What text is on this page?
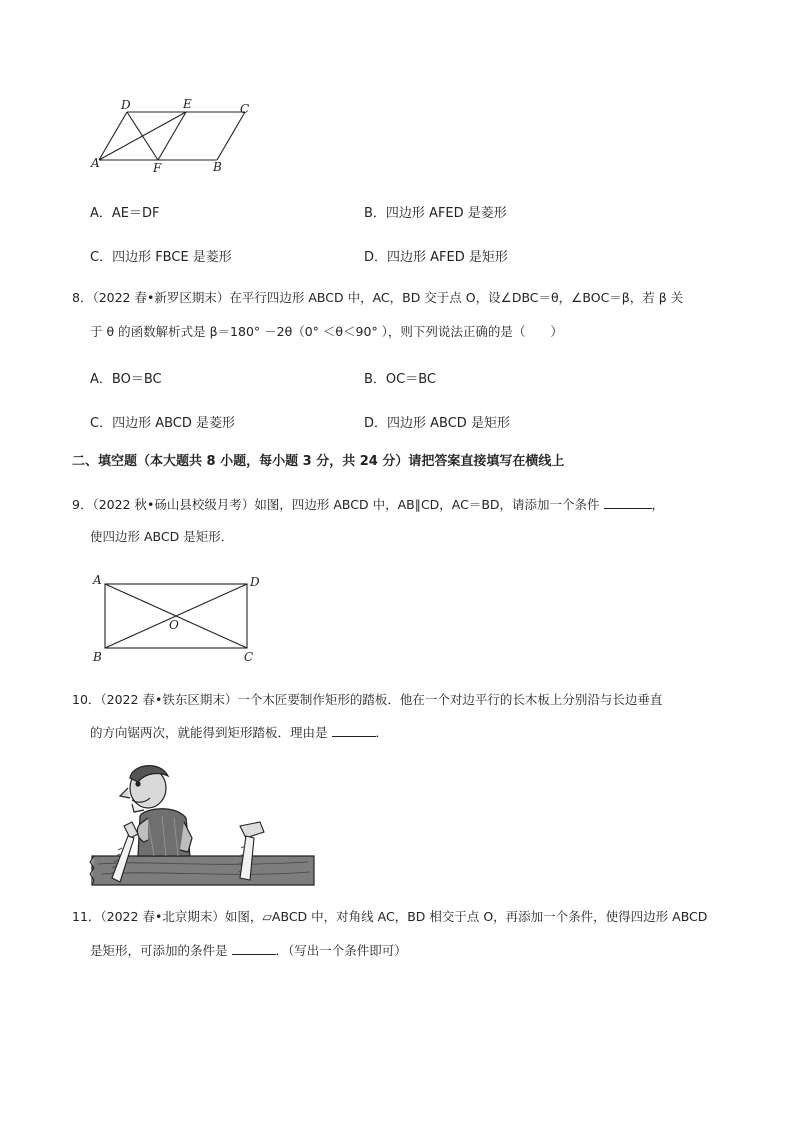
D	E	C
A	F	B
A．AE＝DF	B．四边形 AFED 是菱形
C．四边形 FBCE 是菱形	D．四边形 AFED 是矩形
8．（2022 春•新罗区期末）在平行四边形 ABCD 中，AC，BD 交于点 O，设∠DBC＝θ，∠BOC＝β，若 β 关
于 θ 的函数解析式是 β＝180° －2θ（0° ＜θ＜90° ），则下列说法正确的是（　　）
A．BO＝BC	B．OC＝BC
C．四边形 ABCD 是菱形	D．四边形 ABCD 是矩形
二、填空题（本大题共 8 小题，每小题 3 分，共 24 分）请把答案直接填写在横线上
9．（2022 秋•砀山县校级月考）如图，四边形 ABCD 中，AB∥CD，AC＝BD，请添加一个条件	，
使四边形 ABCD 是矩形．
A	D
O
B	C
10．（2022 春•铁东区期末）一个木匠要制作矩形的踏板．他在一个对边平行的长木板上分别沿与长边垂直
的方向锯两次，就能得到矩形踏板．理由是	．
11．（2022 春•北京期末）如图，▱ABCD 中，对角线 AC，BD 相交于点 O，再添加一个条件，使得四边形 ABCD
是矩形，可添加的条件是	．（写出一个条件即可）
